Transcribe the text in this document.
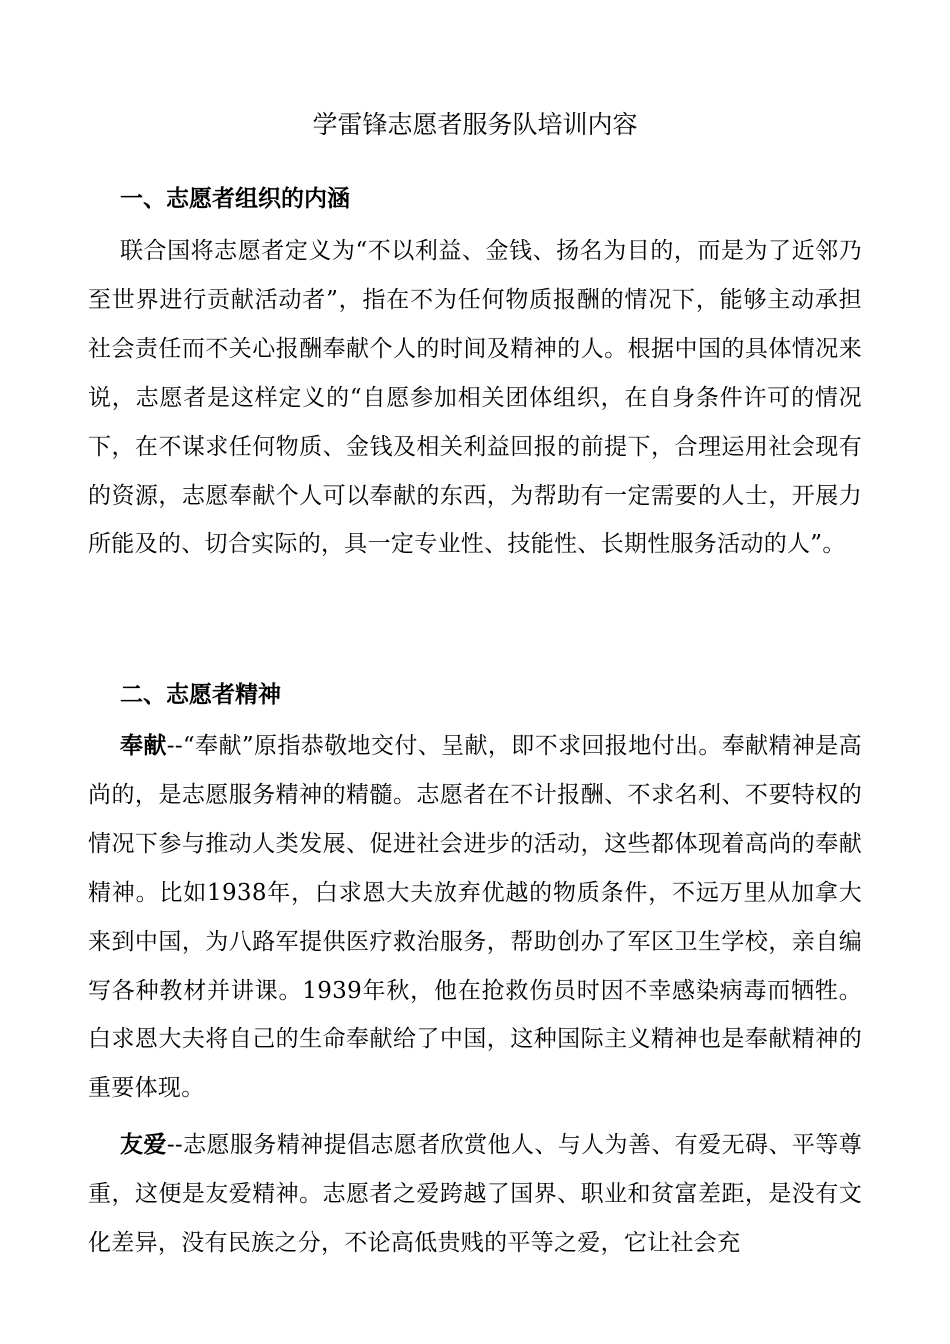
学雷锋志愿者服务队培训内容
一、志愿者组织的内涵

联合国将志愿者定义为“不以利益、金钱、扬名为目的，而是为了近邻乃至世界进行贡献活动者”，指在不为任何物质报酬的情况下，能够主动承担社会责任而不关心报酬奉献个人的时间及精神的人。根据中国的具体情况来说，志愿者是这样定义的“自愿参加相关团体组织，在自身条件许可的情况下，在不谋求任何物质、金钱及相关利益回报的前提下，合理运用社会现有的资源，志愿奉献个人可以奉献的东西，为帮助有一定需要的人士，开展力所能及的、切合实际的，具一定专业性、技能性、长期性服务活动的人”。

二、志愿者精神

奉献--“奉献”原指恭敬地交付、呈献，即不求回报地付出。奉献精神是高尚的，是志愿服务精神的精髓。志愿者在不计报酬、不求名利、不要特权的情况下参与推动人类发展、促进社会进步的活动，这些都体现着高尚的奉献精神。比如1938年，白求恩大夫放弃优越的物质条件，不远万里从加拿大来到中国，为八路军提供医疗救治服务，帮助创办了军区卫生学校，亲自编写各种教材并讲课。1939年秋，他在抢救伤员时因不幸感染病毒而牺牲。白求恩大夫将自己的生命奉献给了中国，这种国际主义精神也是奉献精神的重要体现。

友爱--志愿服务精神提倡志愿者欣赏他人、与人为善、有爱无碍、平等尊重，这便是友爱精神。志愿者之爱跨越了国界、职业和贫富差距，是没有文化差异，没有民族之分，不论高低贵贱的平等之爱，它让社会充
